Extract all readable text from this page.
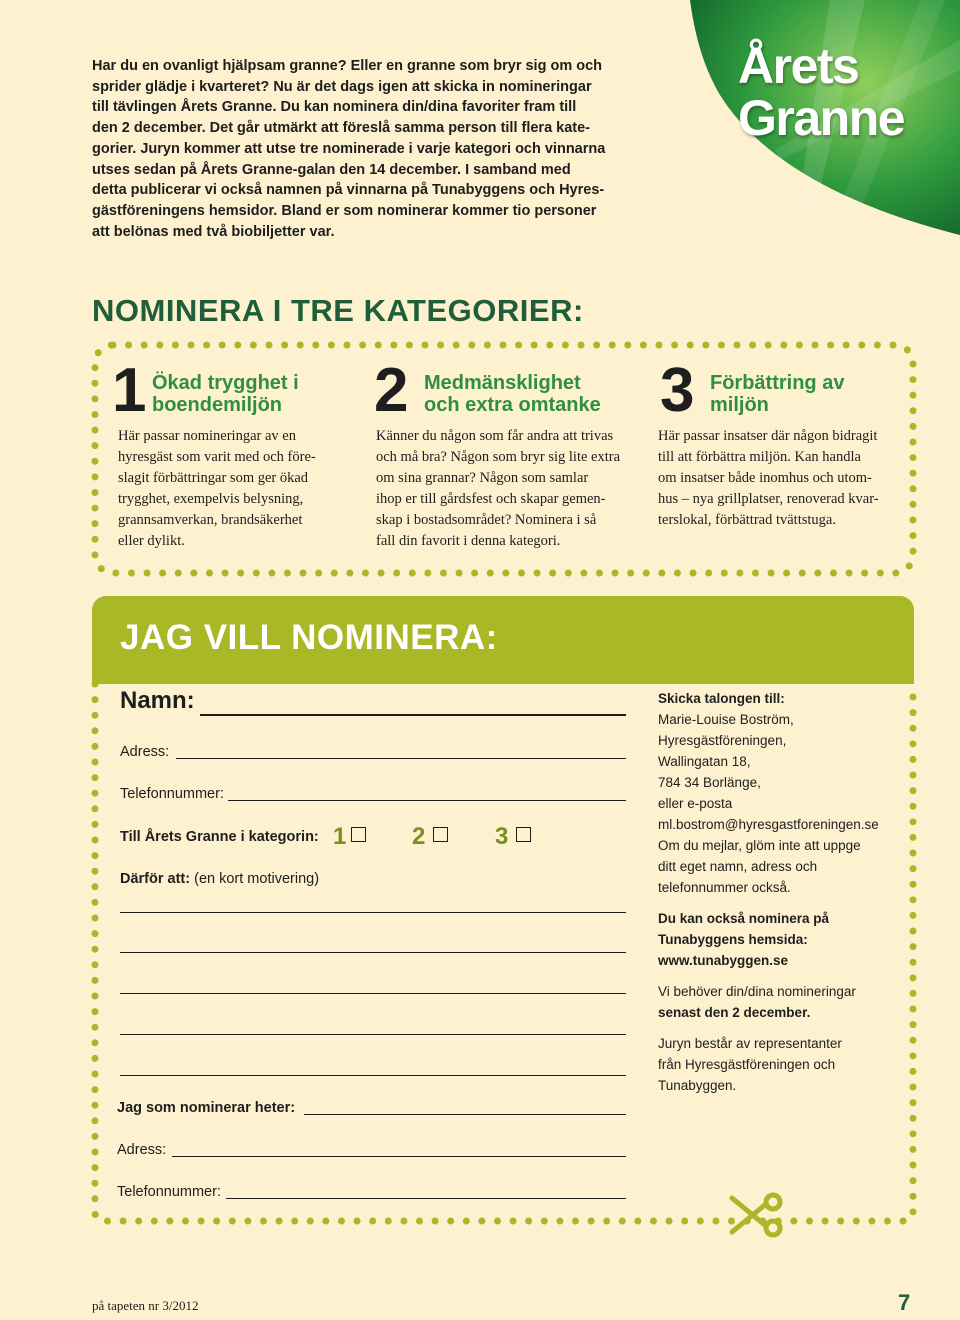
Årets
Granne
Har du en ovanligt hjälpsam granne? Eller en granne som bryr sig om och
sprider glädje i kvarteret? Nu är det dags igen att skicka in nomineringar
till tävlingen Årets Granne. Du kan nominera din/dina favoriter fram till
den 2 december. Det går utmärkt att föreslå samma person till flera kate-
gorier. Juryn kommer att utse tre nominerade i varje kategori och vinnarna
utses sedan på Årets Granne-galan den 14 december. I samband med
detta publicerar vi också namnen på vinnarna på Tunabyggens och Hyres-
gästföreningens hemsidor. Bland er som nominerar kommer tio personer
att belönas med två biobiljetter var.
NOMINERA I TRE KATEGORIER:
1 Ökad trygghet i
boendemiljön
Här passar nomineringar av en
hyresgäst som varit med och före-
slagit förbättringar som ger ökad
trygghet, exempelvis belysning,
grannsamverkan, brandsäkerhet
eller dylikt.
2 Medmänsklighet
och extra omtanke
Känner du någon som får andra att trivas
och må bra? Någon som bryr sig lite extra
om sina grannar? Någon som samlar
ihop er till gårdsfest och skapar gemen-
skap i bostadsområdet? Nominera i så
fall din favorit i denna kategori.
3 Förbättring av
miljön
Här passar insatser där någon bidragit
till att förbättra miljön. Kan handla
om insatser både inomhus och utom-
hus – nya grillplatser, renoverad kvar-
terslokal, förbättrad tvättstuga.
JAG VILL NOMINERA:
Namn:
Adress:
Telefonnummer:
Till Årets Granne i kategorin: 1	2	3
Därför att: (en kort motivering)
Jag som nominerar heter:
Adress:
Telefonnummer:

Skicka talongen till:
Marie-Louise Boström,
Hyresgästföreningen,
Wallingatan 18,
784 34 Borlänge,
eller e-posta
ml.bostrom@hyresgastforeningen.se
Om du mejlar, glöm inte att uppge
ditt eget namn, adress och
telefonnummer också.

Du kan också nominera på
Tunabyggens hemsida:
www.tunabyggen.se

Vi behöver din/dina nomineringar
senast den 2 december.

Juryn består av representanter
från Hyresgästföreningen och
Tunabyggen.

på tapeten nr 3/2012	7
